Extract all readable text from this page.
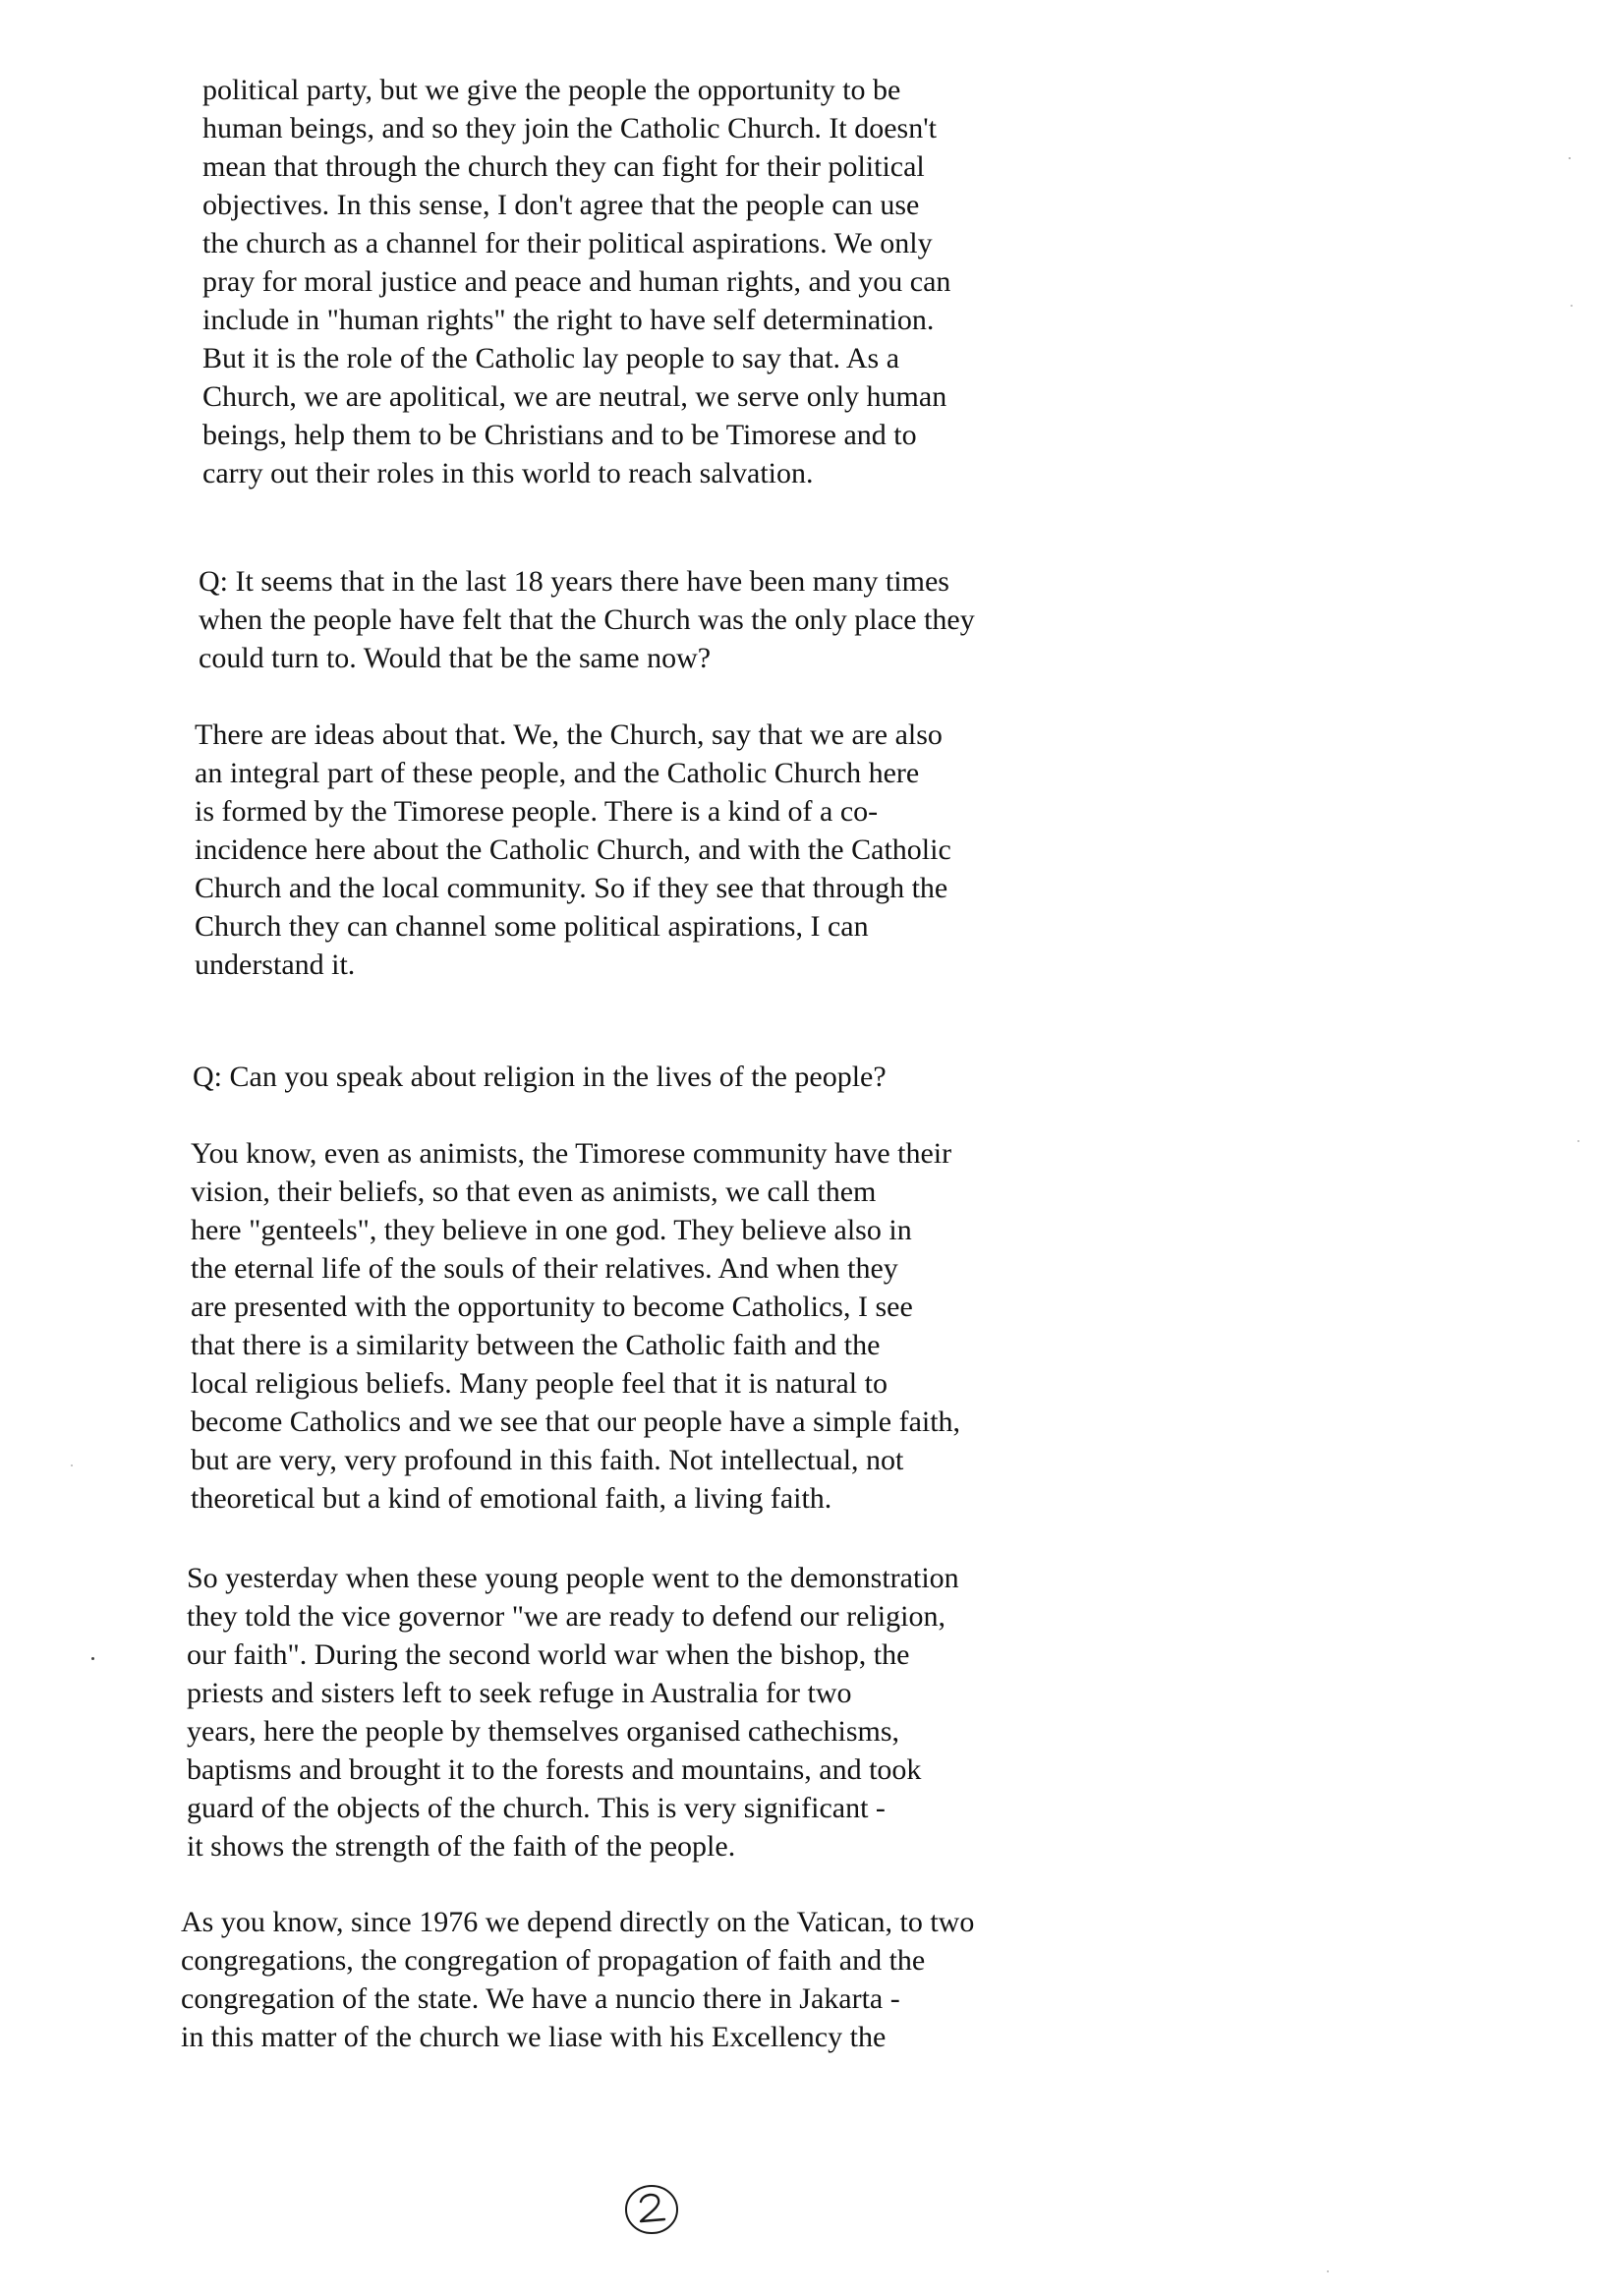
political party, but we give the people the opportunity to be
human beings, and so they join the Catholic Church. It doesn't
mean that through the church they can fight for their political
objectives. In this sense, I don't agree that the people can use
the church as a channel for their political aspirations. We only
pray for moral justice and peace and human rights, and you can
include in "human rights" the right to have self determination.
But it is the role of the Catholic lay people to say that. As a
Church, we are apolitical, we are neutral, we serve only human
beings, help them to be Christians and to be Timorese and to
carry out their roles in this world to reach salvation.

Q: It seems that in the last 18 years there have been many times
when the people have felt that the Church was the only place they
could turn to. Would that be the same now?

There are ideas about that. We, the Church, say that we are also
an integral part of these people, and the Catholic Church here
is formed by the Timorese people. There is a kind of a co-
incidence here about the Catholic Church, and with the Catholic
Church and the local community. So if they see that through the
Church they can channel some political aspirations, I can
understand it.

Q: Can you speak about religion in the lives of the people?

You know, even as animists, the Timorese community have their
vision, their beliefs, so that even as animists, we call them
here "genteels", they believe in one god. They believe also in
the eternal life of the souls of their relatives. And when they
are presented with the opportunity to become Catholics, I see
that there is a similarity between the Catholic faith and the
local religious beliefs. Many people feel that it is natural to
become Catholics and we see that our people have a simple faith,
but are very, very profound in this faith. Not intellectual, not
theoretical but a kind of emotional faith, a living faith.

So yesterday when these young people went to the demonstration
they told the vice governor "we are ready to defend our religion,
our faith". During the second world war when the bishop, the
priests and sisters left to seek refuge in Australia for two
years, here the people by themselves organised cathechisms,
baptisms and brought it to the forests and mountains, and took
guard of the objects of the church. This is very significant -
it shows the strength of the faith of the people.

As you know, since 1976 we depend directly on the Vatican, to two
congregations, the congregation of propagation of faith and the
congregation of the state. We have a nuncio there in Jakarta -
in this matter of the church we liase with his Excellency the
